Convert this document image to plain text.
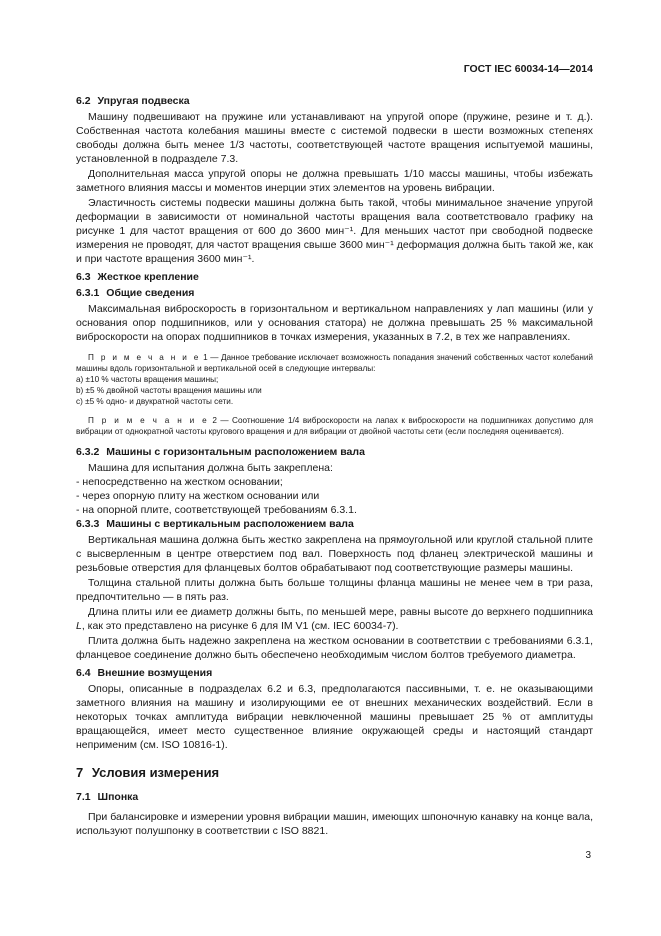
ГОСТ IEC 60034-14—2014
6.2 Упругая подвеска

Машину подвешивают на пружине или устанавливают на упругой опоре (пружине, резине и т. д.). Собственная частота колебания машины вместе с системой подвески в шести возможных степенях свободы должна быть менее 1/3 частоты, соответствующей частоте вращения испытуемой машины, установленной в подразделе 7.3.

Дополнительная масса упругой опоры не должна превышать 1/10 массы машины, чтобы избежать заметного влияния массы и моментов инерции этих элементов на уровень вибрации.

Эластичность системы подвески машины должна быть такой, чтобы минимальное значение упругой деформации в зависимости от номинальной частоты вращения вала соответствовало графику на рисунке 1 для частот вращения от 600 до 3600 мин⁻¹. Для меньших частот при свободной подвеске измерения не проводят, для частот вращения свыше 3600 мин⁻¹ деформация должна быть такой же, как и при частоте вращения 3600 мин⁻¹.

6.3 Жесткое крепление
6.3.1 Общие сведения

Максимальная виброскорость в горизонтальном и вертикальном направлениях у лап машины (или у основания опор подшипников, или у основания статора) не должна превышать 25 % максимальной виброскорости на опорах подшипников в точках измерения, указанных в 7.2, в тех же направлениях.

П р и м е ч а н и е 1 — Данное требование исключает возможность попадания значений собственных частот колебаний машины вдоль горизонтальной и вертикальной осей в следующие интервалы:

а) ±10 % частоты вращения машины;
b) ±5 % двойной частоты вращения машины или
с) ±5 % одно- и двукратной частоты сети.

П р и м е ч а н и е 2 — Соотношение 1/4 виброскорости на лапах к виброскорости на подшипниках допустимо для вибрации от однократной частоты кругового вращения и для вибрации от двойной частоты сети (если последняя оценивается).

6.3.2 Машины с горизонтальным расположением вала

Машина для испытания должна быть закреплена:

- непосредственно на жестком основании;
- через опорную плиту на жестком основании или
- на опорной плите, соответствующей требованиям 6.3.1.
6.3.3 Машины с вертикальным расположением вала

Вертикальная машина должна быть жестко закреплена на прямоугольной или круглой стальной плите с высверленным в центре отверстием под вал. Поверхность под фланец электрической машины и резьбовые отверстия для фланцевых болтов обрабатывают под соответствующие размеры машины.

Толщина стальной плиты должна быть больше толщины фланца машины не менее чем в три раза, предпочтительно — в пять раз.

Длина плиты или ее диаметр должны быть, по меньшей мере, равны высоте до верхнего подшипника L, как это представлено на рисунке 6 для IM V1 (см. IEC 60034-7).

Плита должна быть надежно закреплена на жестком основании в соответствии с требованиями 6.3.1, фланцевое соединение должно быть обеспечено необходимым числом болтов требуемого диаметра.

6.4 Внешние возмущения

Опоры, описанные в подразделах 6.2 и 6.3, предполагаются пассивными, т. е. не оказывающими заметного влияния на машину и изолирующими ее от внешних механических воздействий. Если в некоторых точках амплитуда вибрации невключенной машины превышает 25 % от амплитуды вращающейся, имеет место существенное влияние окружающей среды и настоящий стандарт неприменим (см. ISO 10816-1).

7 Условия измерения
7.1 Шпонка

При балансировке и измерении уровня вибрации машин, имеющих шпоночную канавку на конце вала, используют полушпонку в соответствии с ISO 8821.

3
